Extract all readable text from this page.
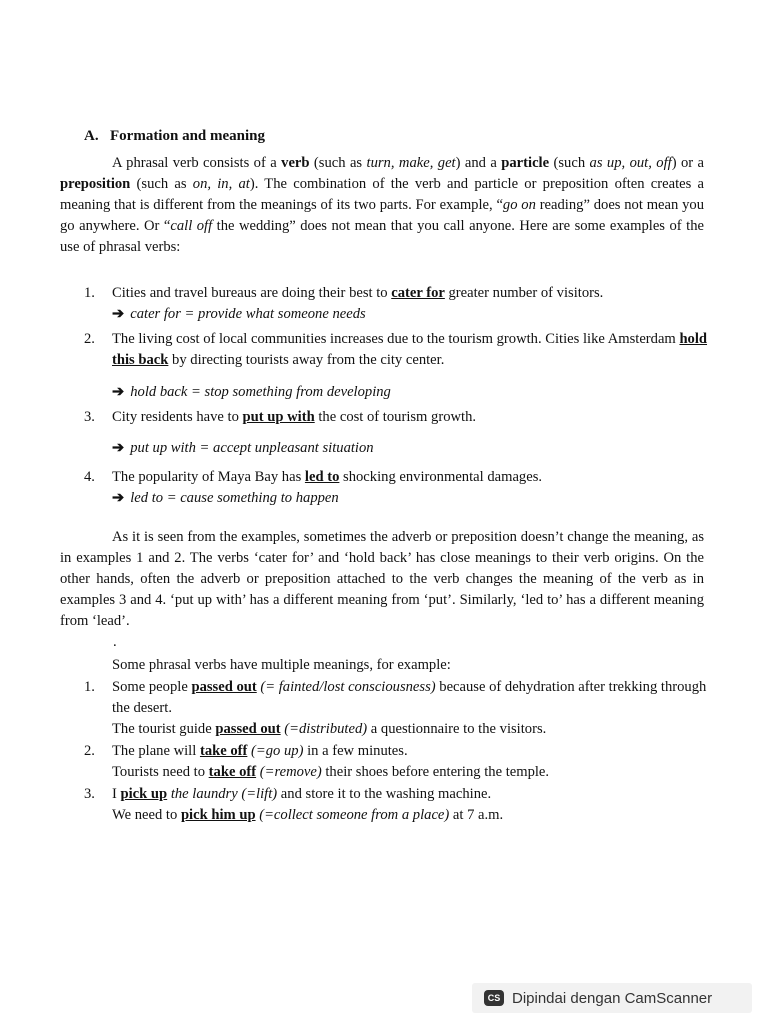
A. Formation and meaning

A phrasal verb consists of a verb (such as turn, make, get) and a particle (such as up, out, off) or a preposition (such as on, in, at). The combination of the verb and particle or preposition often creates a meaning that is different from the meanings of its two parts. For example, “go on reading” does not mean you go anywhere. Or “call off the wedding” does not mean that you call anyone. Here are some examples of the use of phrasal verbs:

1. Cities and travel bureaus are doing their best to cater for greater number of visitors.
➔ cater for = provide what someone needs
2. The living cost of local communities increases due to the tourism growth. Cities like Amsterdam hold this back by directing tourists away from the city center.
➔ hold back = stop something from developing
3. City residents have to put up with the cost of tourism growth.
➔ put up with = accept unpleasant situation
4. The popularity of Maya Bay has led to shocking environmental damages.
➔ led to = cause something to happen

As it is seen from the examples, sometimes the adverb or preposition doesn’t change the meaning, as in examples 1 and 2. The verbs ‘cater for’ and ‘hold back’ has close meanings to their verb origins. On the other hands, often the adverb or preposition attached to the verb changes the meaning of the verb as in examples 3 and 4. ‘put up with’ has a different meaning from ‘put’. Similarly, ‘led to’ has a different meaning from ‘lead’.

.
Some phrasal verbs have multiple meanings, for example:
1. Some people passed out (= fainted/lost consciousness) because of dehydration after trekking through the desert.
The tourist guide passed out (=distributed) a questionnaire to the visitors.
2. The plane will take off (=go up) in a few minutes.
Tourists need to take off (=remove) their shoes before entering the temple.
3. I pick up the laundry (=lift) and store it to the washing machine.
We need to pick him up (=collect someone from a place) at 7 a.m.
CS Dipindai dengan CamScanner
